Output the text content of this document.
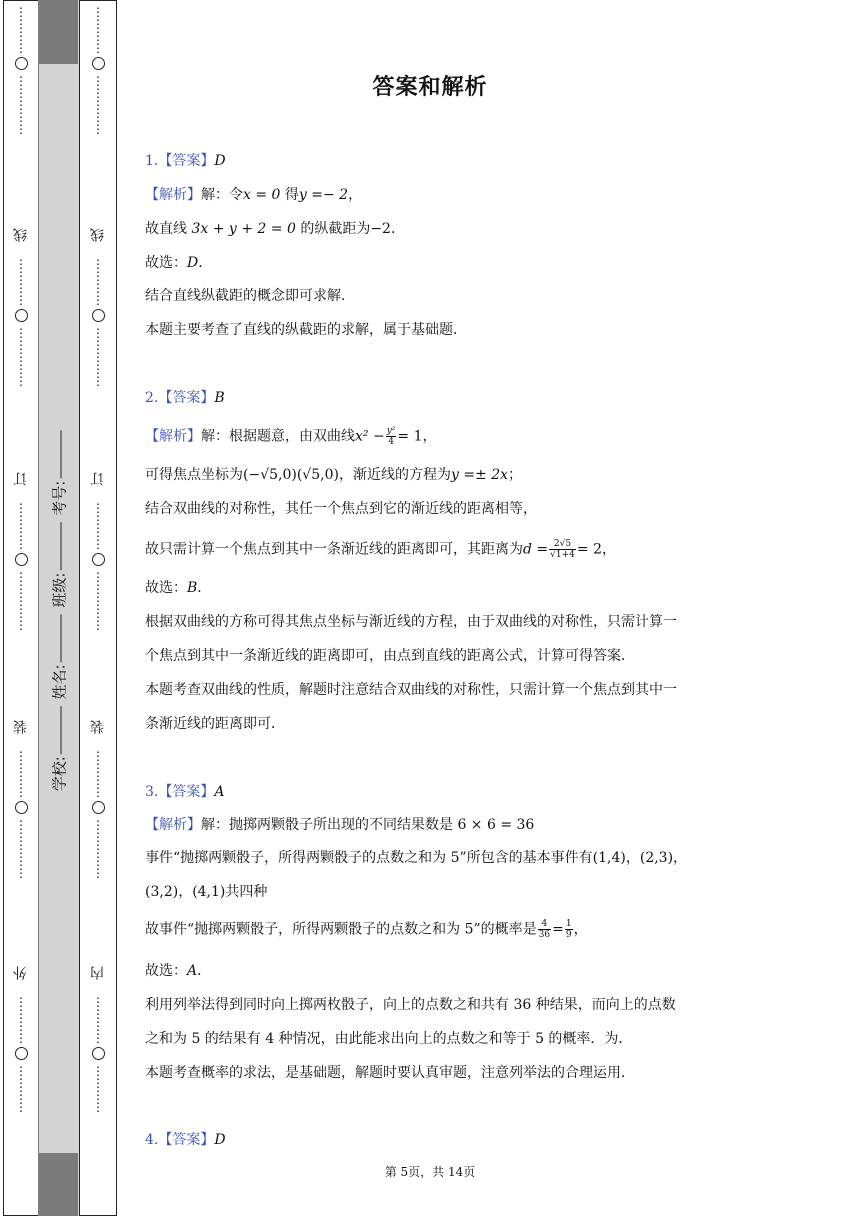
⋮
⋮
⋮
⋮
⋮
⋮
⋮
⋮
⋮
线
⋮
⋮
⋮
⋮
⋮
⋮
⋮
⋮
⋮
订
⋮
⋮
⋮
⋮
⋮
⋮
⋮
⋮
⋮
装
⋮
⋮
⋮
⋮
⋮
⋮
⋮
⋮
⋮
外
⋮
⋮
⋮
⋮
⋮
⋮
⋮
⋮
⋮
⋮
⋮
⋮
⋮
⋮
⋮
⋮
⋮
线
⋮
⋮
⋮
⋮
⋮
⋮
⋮
⋮
⋮
订
⋮
⋮
⋮
⋮
⋮
⋮
⋮
⋮
⋮
装
⋮
⋮
⋮
⋮
⋮
⋮
⋮
⋮
⋮
内
⋮
⋮
⋮
⋮
⋮
⋮
⋮
⋮
学校: 姓名: 班级: 考号:
答案和解析
1.【答案】D
【解析】解：令x = 0 得y =− 2，
故直线 3x + y + 2 = 0 的纵截距为−2．
故选：D．
结合直线纵截距的概念即可求解．
本题主要考查了直线的纵截距的求解，属于基础题．
2.【答案】B
【解析】解：根据题意，由双曲线$x^2 - \frac{\text{y²}}{4} = 1$，
可得焦点坐标为(−√5,0)(√5,0)，渐近线的方程为y =± 2x；
结合双曲线的对称性，其任一个焦点到它的渐近线的距离相等，
故只需计算一个焦点到其中一条渐近线的距离即可，其距离为$d = \frac{2√5}{√1+4} = 2$，
故选：B．
根据双曲线的方称可得其焦点坐标与渐近线的方程，由于双曲线的对称性，只需计算一
个焦点到其中一条渐近线的距离即可，由点到直线的距离公式，计算可得答案．
本题考查双曲线的性质，解题时注意结合双曲线的对称性，只需计算一个焦点到其中一
条渐近线的距离即可．
3.【答案】A
【解析】解：抛掷两颗骰子所出现的不同结果数是 6 × 6 = 36
事件“抛掷两颗骰子，所得两颗骰子的点数之和为 5”所包含的基本事件有(1,4)，(2,3)，
(3,2)，(4,1)共四种
故事件“抛掷两颗骰子，所得两颗骰子的点数之和为 5”的概率是 $\frac{4}{36} = \frac{1}{9}$ ，
故选：A．
利用列举法得到同时向上掷两枚骰子，向上的点数之和共有 36 种结果，而向上的点数
之和为 5 的结果有 4 种情况，由此能求出向上的点数之和等于 5 的概率．为．
本题考查概率的求法，是基础题，解题时要认真审题，注意列举法的合理运用．
4.【答案】D
第 5页，共 14页
